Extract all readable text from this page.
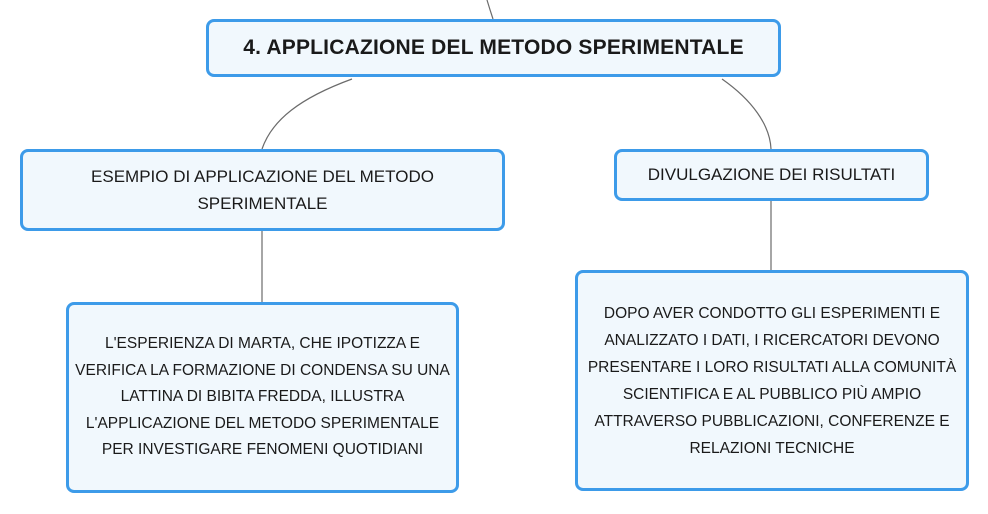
4. APPLICAZIONE DEL METODO SPERIMENTALE
ESEMPIO DI APPLICAZIONE DEL METODO SPERIMENTALE
DIVULGAZIONE DEI RISULTATI
L'ESPERIENZA DI MARTA, CHE IPOTIZZA E VERIFICA LA FORMAZIONE DI CONDENSA SU UNA LATTINA DI BIBITA FREDDA, ILLUSTRA L'APPLICAZIONE DEL METODO SPERIMENTALE PER INVESTIGARE FENOMENI QUOTIDIANI
DOPO AVER CONDOTTO GLI ESPERIMENTI E ANALIZZATO I DATI, I RICERCATORI DEVONO PRESENTARE I LORO RISULTATI ALLA COMUNITÀ SCIENTIFICA E AL PUBBLICO PIÙ AMPIO ATTRAVERSO PUBBLICAZIONI, CONFERENZE E RELAZIONI TECNICHE
